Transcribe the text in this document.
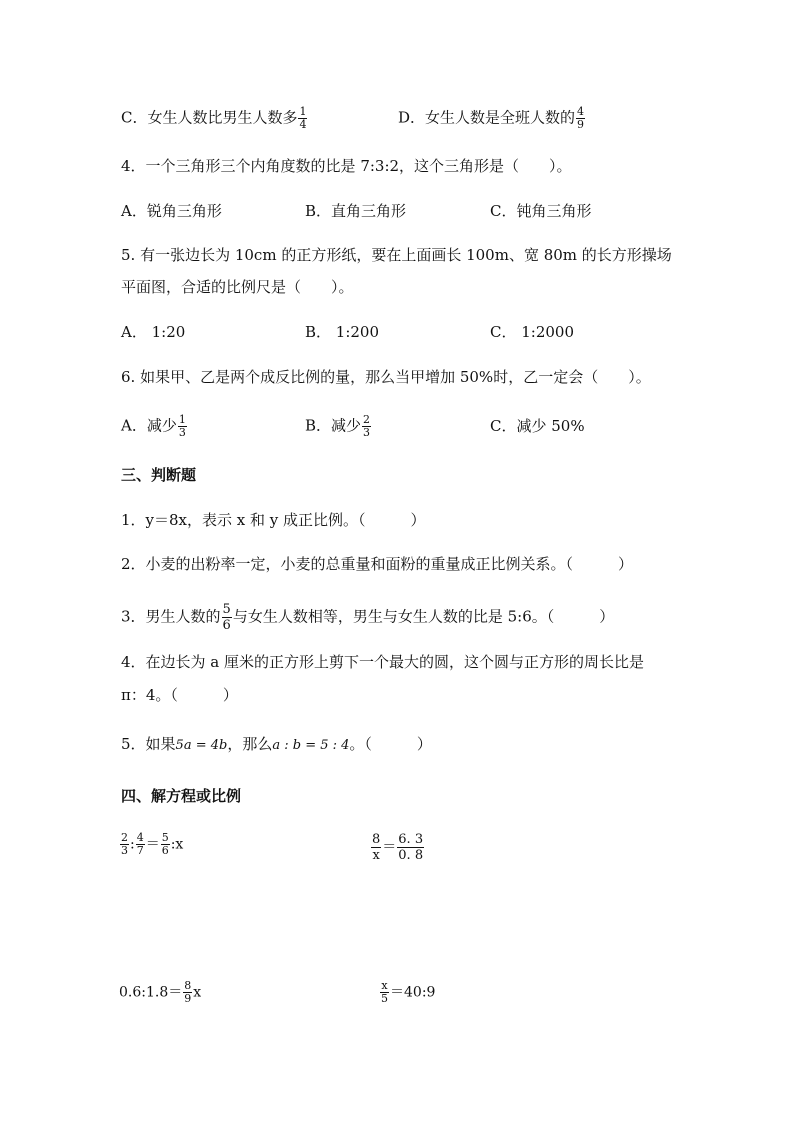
C．女生人数比男生人数多 $\frac{1}{4}$	D．女生人数是全班人数的 $\frac{4}{9}$
4．一个三角形三个内角度数的比是 7:3:2，这个三角形是（　　）。
A．锐角三角形	B．直角三角形	C．钝角三角形
5. 有一张边长为 10cm 的正方形纸，要在上面画长 100m、宽 80m 的长方形操场
平面图，合适的比例尺是（　　）。
A． 1:20	B． 1:200	C． 1:2000
6. 如果甲、乙是两个成反比例的量，那么当甲增加 50%时，乙一定会（　　）。
A．减少 $\frac{1}{3}$	B．减少 $\frac{2}{3}$	C．减少 50%
三、判断题
1．y＝8x，表示 x 和 y 成正比例。（　　　）
2．小麦的出粉率一定，小麦的总重量和面粉的重量成正比例关系。（　　　）
3．男生人数的 $\frac{5}{6}$ 与女生人数相等，男生与女生人数的比是 5:6。（　　　）
4．在边长为 a 厘米的正方形上剪下一个最大的圆，这个圆与正方形的周长比是
π：4。（　　　）
5．如果5a = 4b，那么a : b = 5 : 4。（　　　）
四、解方程或比例
$\frac{2}{3}$ : $\frac{4}{7} = \frac{5}{6}$ :x	$\frac{8}{x} = \frac{6. 3}{0. 8}$
0.6:1.8＝ $\frac{8}{9}$ x	$\frac{x}{5}$ ＝40:9
